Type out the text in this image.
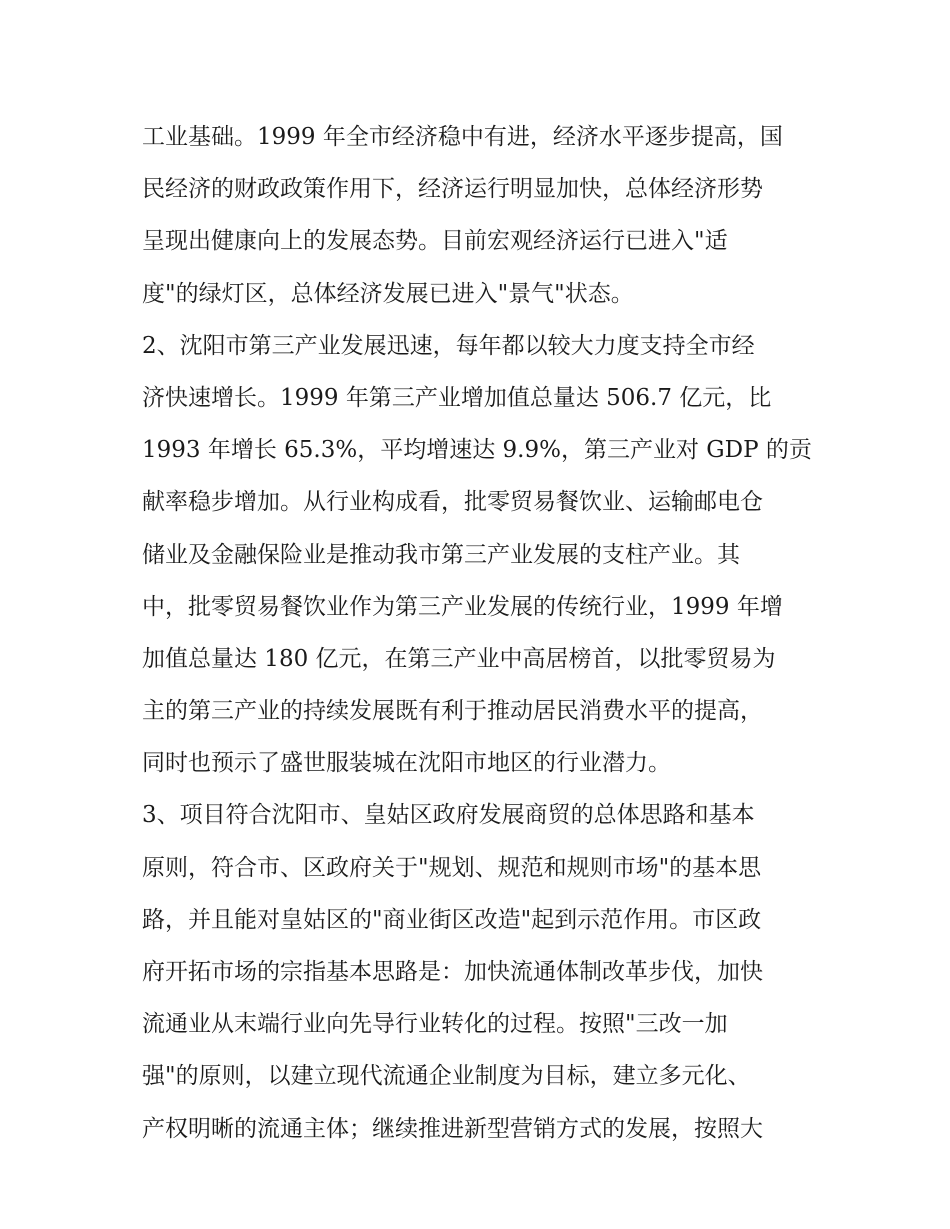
工业基础。1999 年全市经济稳中有进，经济水平逐步提高，国
民经济的财政政策作用下，经济运行明显加快，总体经济形势
呈现出健康向上的发展态势。目前宏观经济运行已进入"适
度"的绿灯区，总体经济发展已进入"景气"状态。
2、沈阳市第三产业发展迅速，每年都以较大力度支持全市经
济快速增长。1999 年第三产业增加值总量达 506.7 亿元，比
1993 年增长 65.3%，平均增速达 9.9%，第三产业对 GDP 的贡
献率稳步增加。从行业构成看，批零贸易餐饮业、运输邮电仓
储业及金融保险业是推动我市第三产业发展的支柱产业。其
中，批零贸易餐饮业作为第三产业发展的传统行业，1999 年增
加值总量达 180 亿元，在第三产业中高居榜首，以批零贸易为
主的第三产业的持续发展既有利于推动居民消费水平的提高，
同时也预示了盛世服装城在沈阳市地区的行业潜力。
3、项目符合沈阳市、皇姑区政府发展商贸的总体思路和基本
原则，符合市、区政府关于"规划、规范和规则市场"的基本思
路，并且能对皇姑区的"商业街区改造"起到示范作用。市区政
府开拓市场的宗指基本思路是：加快流通体制改革步伐，加快
流通业从末端行业向先导行业转化的过程。按照"三改一加
强"的原则，以建立现代流通企业制度为目标，建立多元化、
产权明晰的流通主体；继续推进新型营销方式的发展，按照大
